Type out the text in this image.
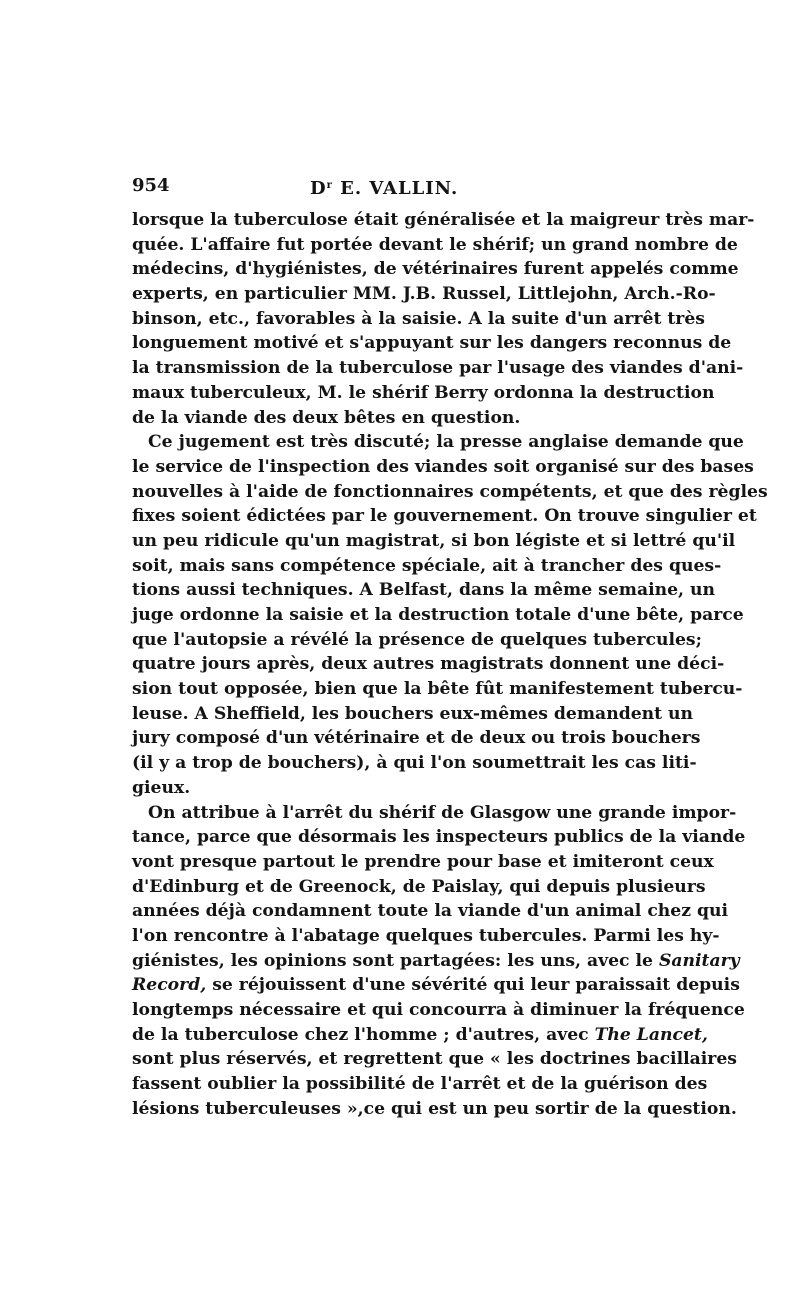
954	$D^r$ E. VALLIN.
lorsque la tuberculose était généralisée et la maigreur très mar-
quée. L'affaire fut portée devant le shérif; un grand nombre de
médecins, d'hygiénistes, de vétérinaires furent appelés comme
experts, en particulier MM. J.B. Russel, Littlejohn, Arch.-Ro-
binson, etc., favorables à la saisie. A la suite d'un arrêt très
longuement motivé et s'appuyant sur les dangers reconnus de
la transmission de la tuberculose par l'usage des viandes d'ani-
maux tuberculeux, M. le shérif Berry ordonna la destruction
de la viande des deux bêtes en question.
Ce jugement est très discuté; la presse anglaise demande que
le service de l'inspection des viandes soit organisé sur des bases
nouvelles à l'aide de fonctionnaires compétents, et que des règles
fixes soient édictées par le gouvernement. On trouve singulier et
un peu ridicule qu'un magistrat, si bon légiste et si lettré qu'il
soit, mais sans compétence spéciale, ait à trancher des ques-
tions aussi techniques. A Belfast, dans la même semaine, un
juge ordonne la saisie et la destruction totale d'une bête, parce
que l'autopsie a révélé la présence de quelques tubercules;
quatre jours après, deux autres magistrats donnent une déci-
sion tout opposée, bien que la bête fût manifestement tubercu-
leuse. A Sheffield, les bouchers eux-mêmes demandent un
jury composé d'un vétérinaire et de deux ou trois bouchers
(il y a trop de bouchers), à qui l'on soumettrait les cas liti-
gieux.
On attribue à l'arrêt du shérif de Glasgow une grande impor-
tance, parce que désormais les inspecteurs publics de la viande
vont presque partout le prendre pour base et imiteront ceux
d'Edinburg et de Greenock, de Paislay, qui depuis plusieurs
années déjà condamnent toute la viande d'un animal chez qui
l'on rencontre à l'abatage quelques tubercules. Parmi les hy-
giénistes, les opinions sont partagées: les uns, avec le Sanitary
Record, se réjouissent d'une sévérité qui leur paraissait depuis
longtemps nécessaire et qui concourra à diminuer la fréquence
de la tuberculose chez l'homme ; d'autres, avec The Lancet,
sont plus réservés, et regrettent que « les doctrines bacillaires
fassent oublier la possibilité de l'arrêt et de la guérison des
lésions tuberculeuses »,ce qui est un peu sortir de la question.
